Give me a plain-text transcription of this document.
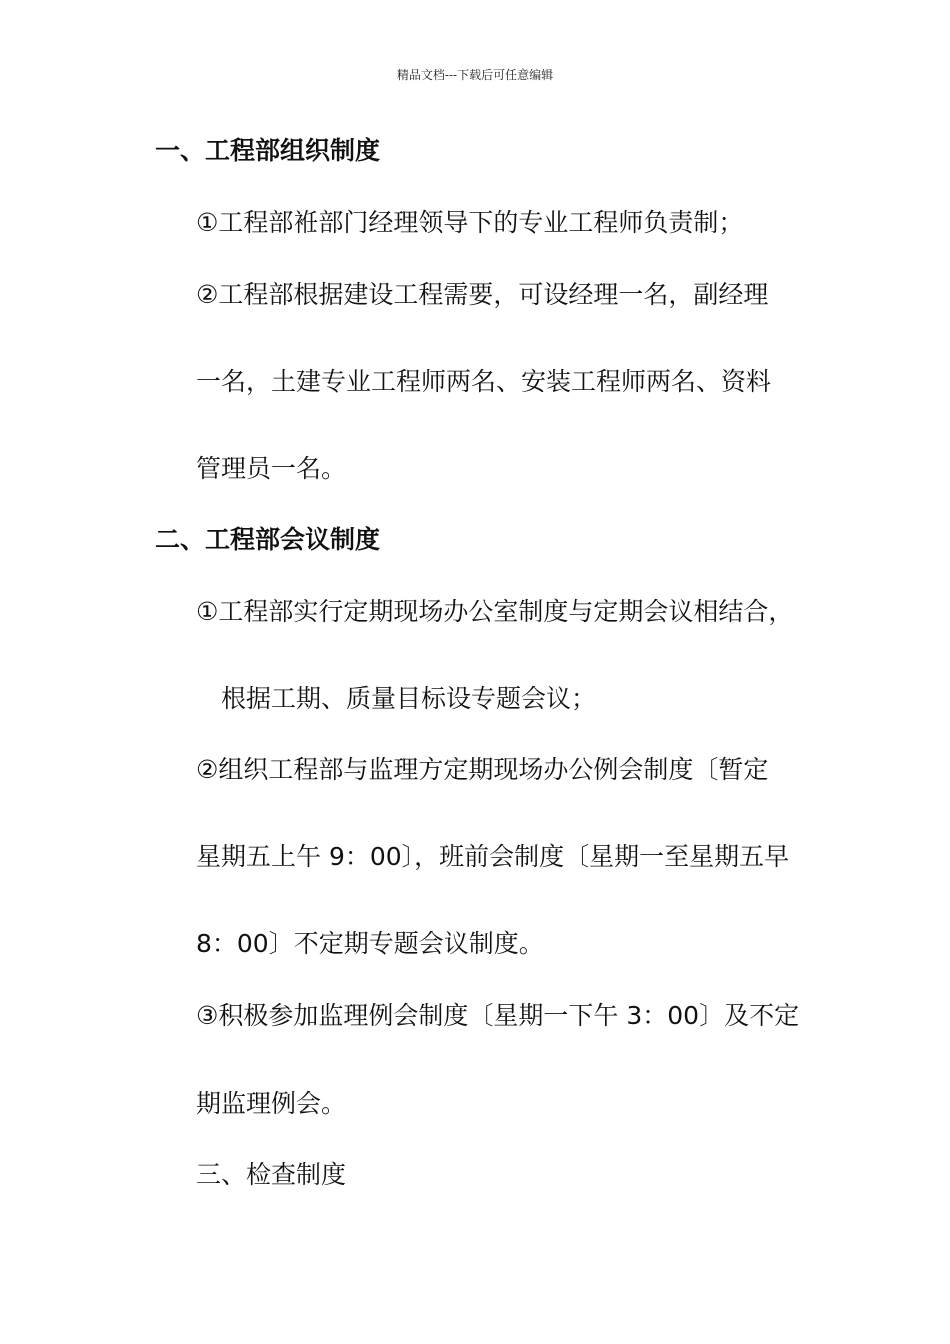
精品文档---下载后可任意编辑
一、工程部组织制度
①工程部袵部门经理领导下的专业工程师负责制；
②工程部根据建设工程需要，可设经理一名，副经理
一名，土建专业工程师两名、安装工程师两名、资料
管理员一名。
二、工程部会议制度
①工程部实行定期现场办公室制度与定期会议相结合，
根据工期、质量目标设专题会议；
②组织工程部与监理方定期现场办公例会制度〔暂定
星期五上午 9：00〕，班前会制度〔星期一至星期五早
8：00〕不定期专题会议制度。
③积极参加监理例会制度〔星期一下午 3：00〕及不定
期监理例会。
三、检查制度
